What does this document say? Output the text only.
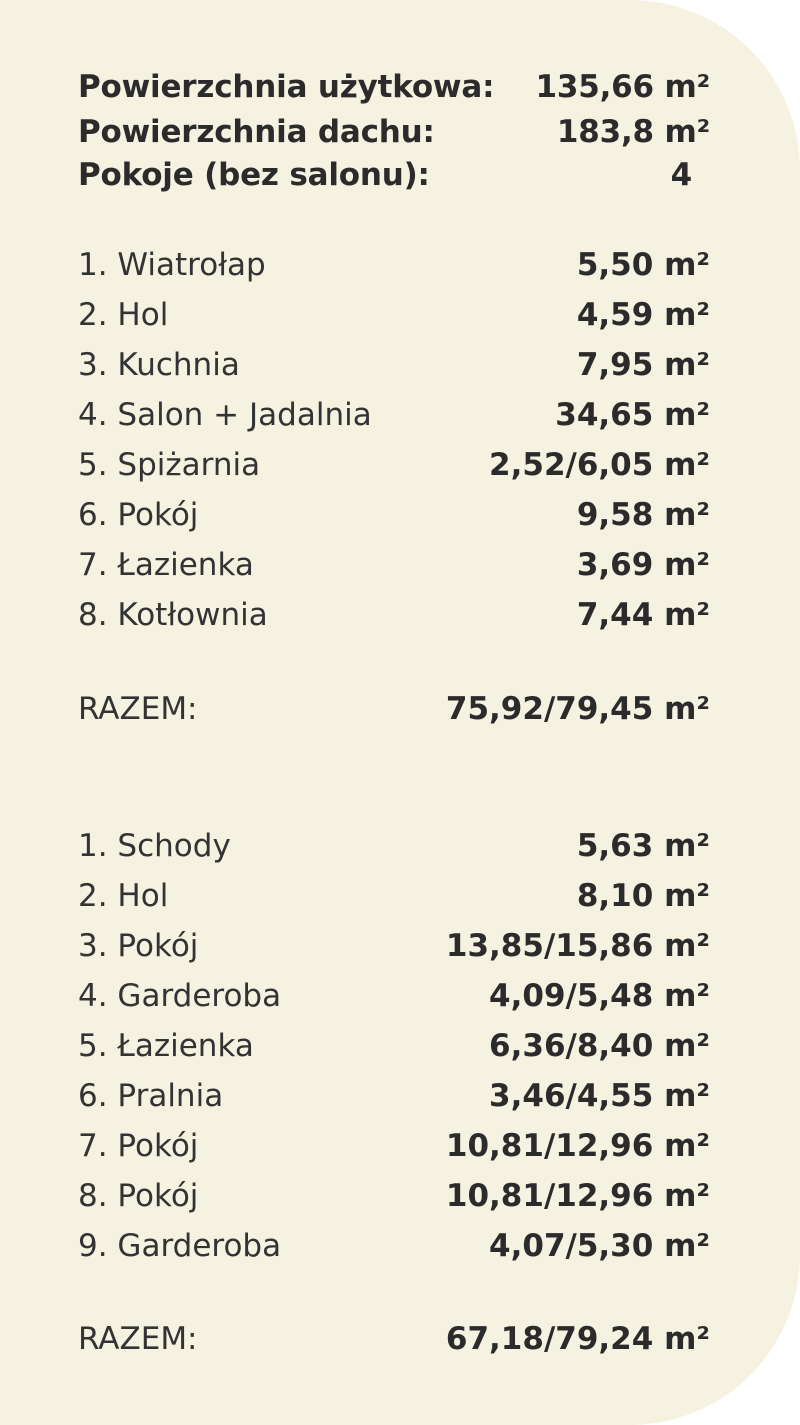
Powierzchnia użytkowa: 135,66 m²
Powierzchnia dachu:	183,8 m²
Pokoje (bez salonu):	4
1. Wiatrołap	5,50 m²
2. Hol	4,59 m²
3. Kuchnia	7,95 m²
4. Salon + Jadalnia	34,65 m²
5. Spiżarnia	2,52/6,05 m²
6. Pokój	9,58 m²
7. Łazienka	3,69 m²
8. Kotłownia	7,44 m²
RAZEM:	75,92/79,45 m²
1. Schody	5,63 m²
2. Hol	8,10 m²
3. Pokój	13,85/15,86 m²
4. Garderoba	4,09/5,48 m²
5. Łazienka	6,36/8,40 m²
6. Pralnia	3,46/4,55 m²
7. Pokój	10,81/12,96 m²
8. Pokój	10,81/12,96 m²
9. Garderoba	4,07/5,30 m²
RAZEM:	67,18/79,24 m²
